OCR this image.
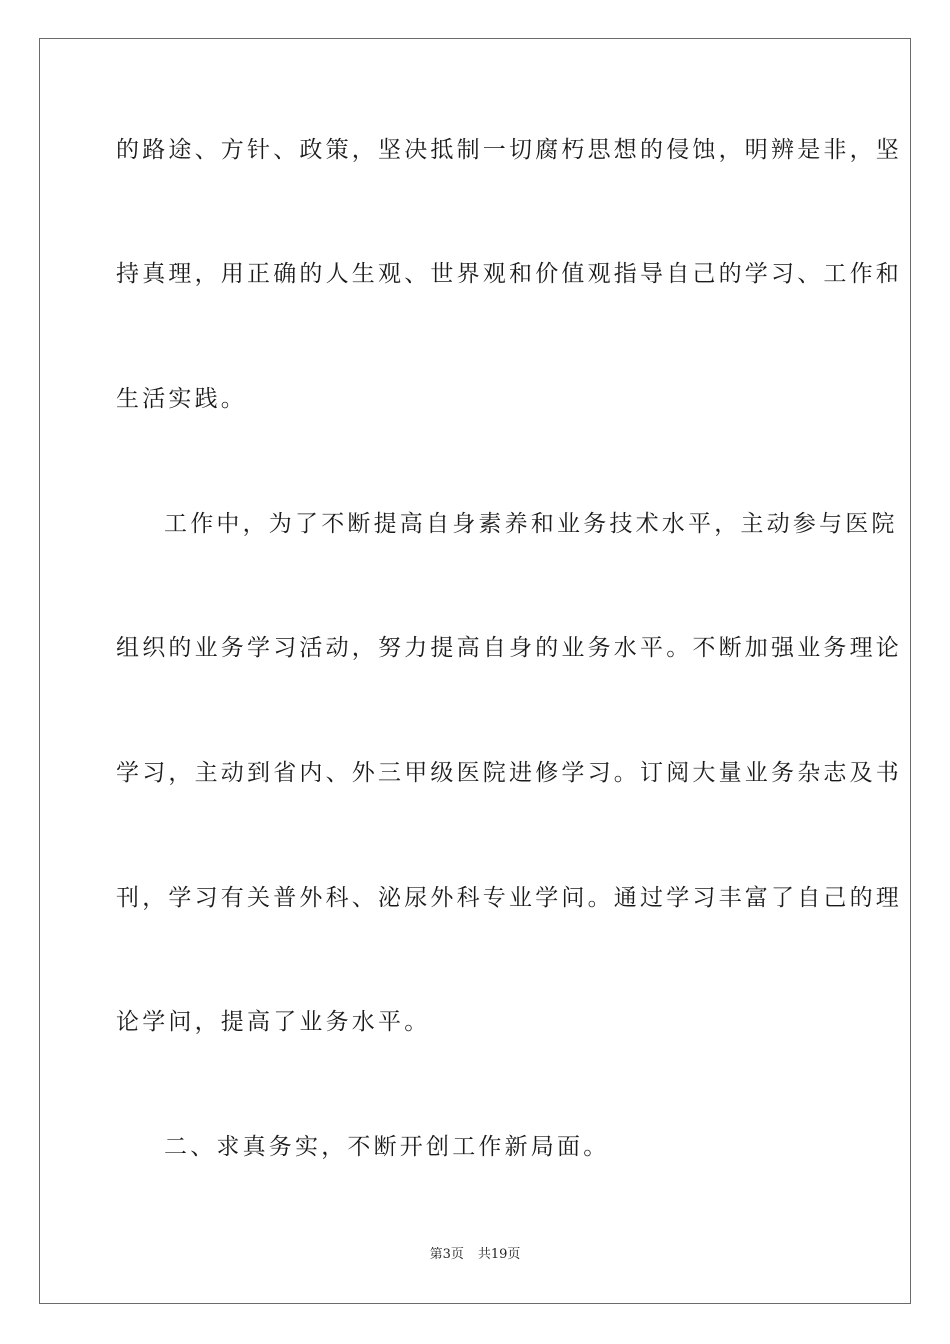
的路途、方针、政策，坚决抵制一切腐朽思想的侵蚀，明辨是非，坚
持真理，用正确的人生观、世界观和价值观指导自己的学习、工作和
生活实践。
工作中，为了不断提高自身素养和业务技术水平，主动参与医院
组织的业务学习活动，努力提高自身的业务水平。不断加强业务理论
学习，主动到省内、外三甲级医院进修学习。订阅大量业务杂志及书
刊，学习有关普外科、泌尿外科专业学问。通过学习丰富了自己的理
论学问，提高了业务水平。
二、求真务实，不断开创工作新局面。
第3页 共19页
